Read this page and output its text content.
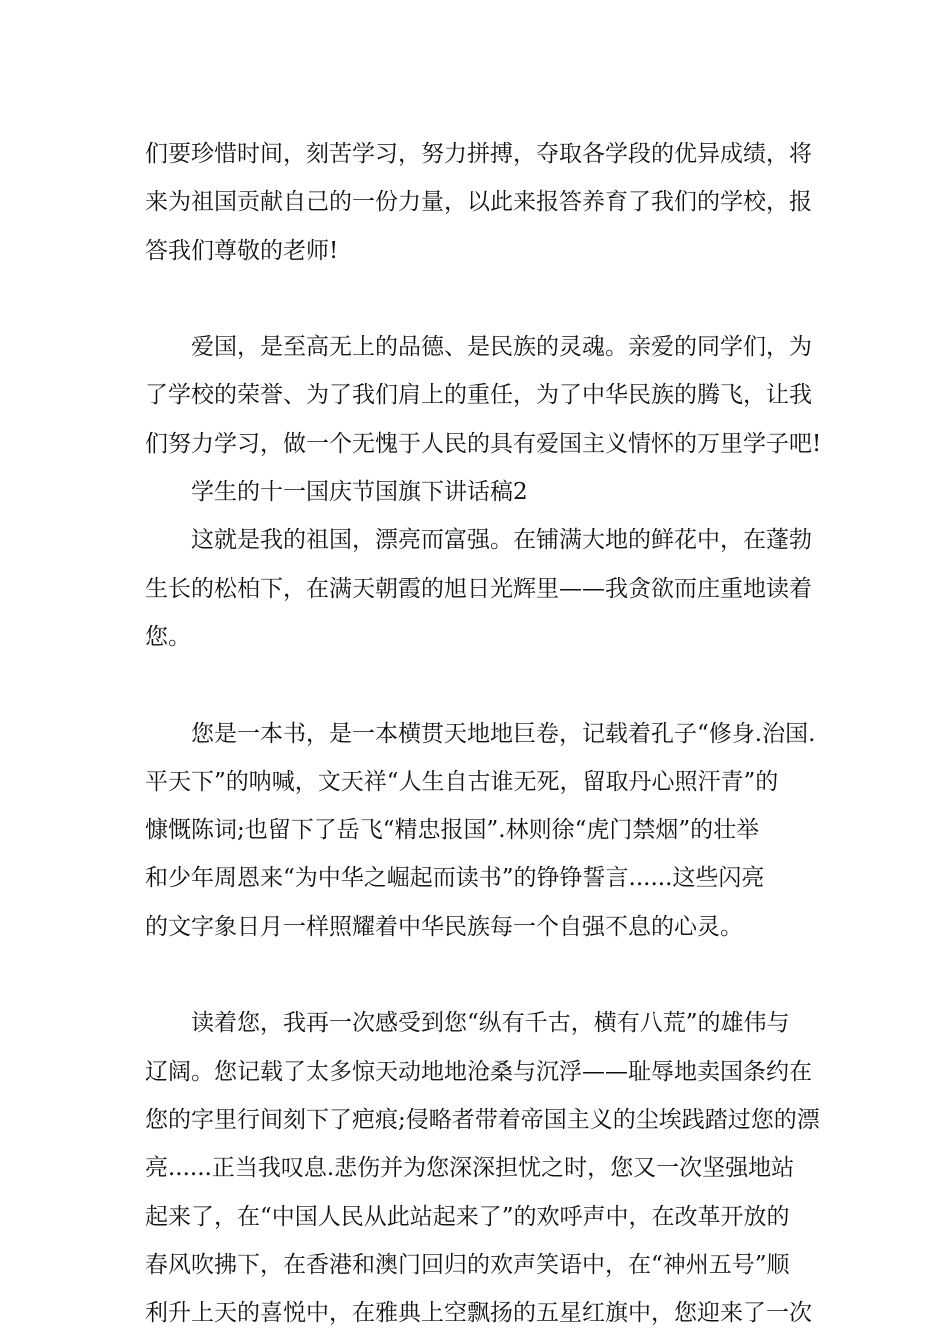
们要珍惜时间，刻苦学习，努力拼搏，夺取各学段的优异成绩，将
来为祖国贡献自己的一份力量，以此来报答养育了我们的学校，报
答我们尊敬的老师!
爱国，是至高无上的品德、是民族的灵魂。亲爱的同学们，为
了学校的荣誉、为了我们肩上的重任，为了中华民族的腾飞，让我
们努力学习，做一个无愧于人民的具有爱国主义情怀的万里学子吧!
学生的十一国庆节国旗下讲话稿2
这就是我的祖国，漂亮而富强。在铺满大地的鲜花中，在蓬勃
生长的松柏下，在满天朝霞的旭日光辉里——我贪欲而庄重地读着
您。
您是一本书，是一本横贯天地地巨卷，记载着孔子“修身.治国.
平天下”的呐喊，文天祥“人生自古谁无死，留取丹心照汗青”的
慷慨陈词;也留下了岳飞“精忠报国”.林则徐“虎门禁烟”的壮举
和少年周恩来“为中华之崛起而读书”的铮铮誓言......这些闪亮
的文字象日月一样照耀着中华民族每一个自强不息的心灵。
读着您，我再一次感受到您“纵有千古，横有八荒”的雄伟与
辽阔。您记载了太多惊天动地地沧桑与沉浮——耻辱地卖国条约在
您的字里行间刻下了疤痕;侵略者带着帝国主义的尘埃践踏过您的漂
亮......正当我叹息.悲伤并为您深深担忧之时，您又一次坚强地站
起来了，在“中国人民从此站起来了”的欢呼声中，在改革开放的
春风吹拂下，在香港和澳门回归的欢声笑语中，在“神州五号”顺
利升上天的喜悦中，在雅典上空飘扬的五星红旗中，您迎来了一次
